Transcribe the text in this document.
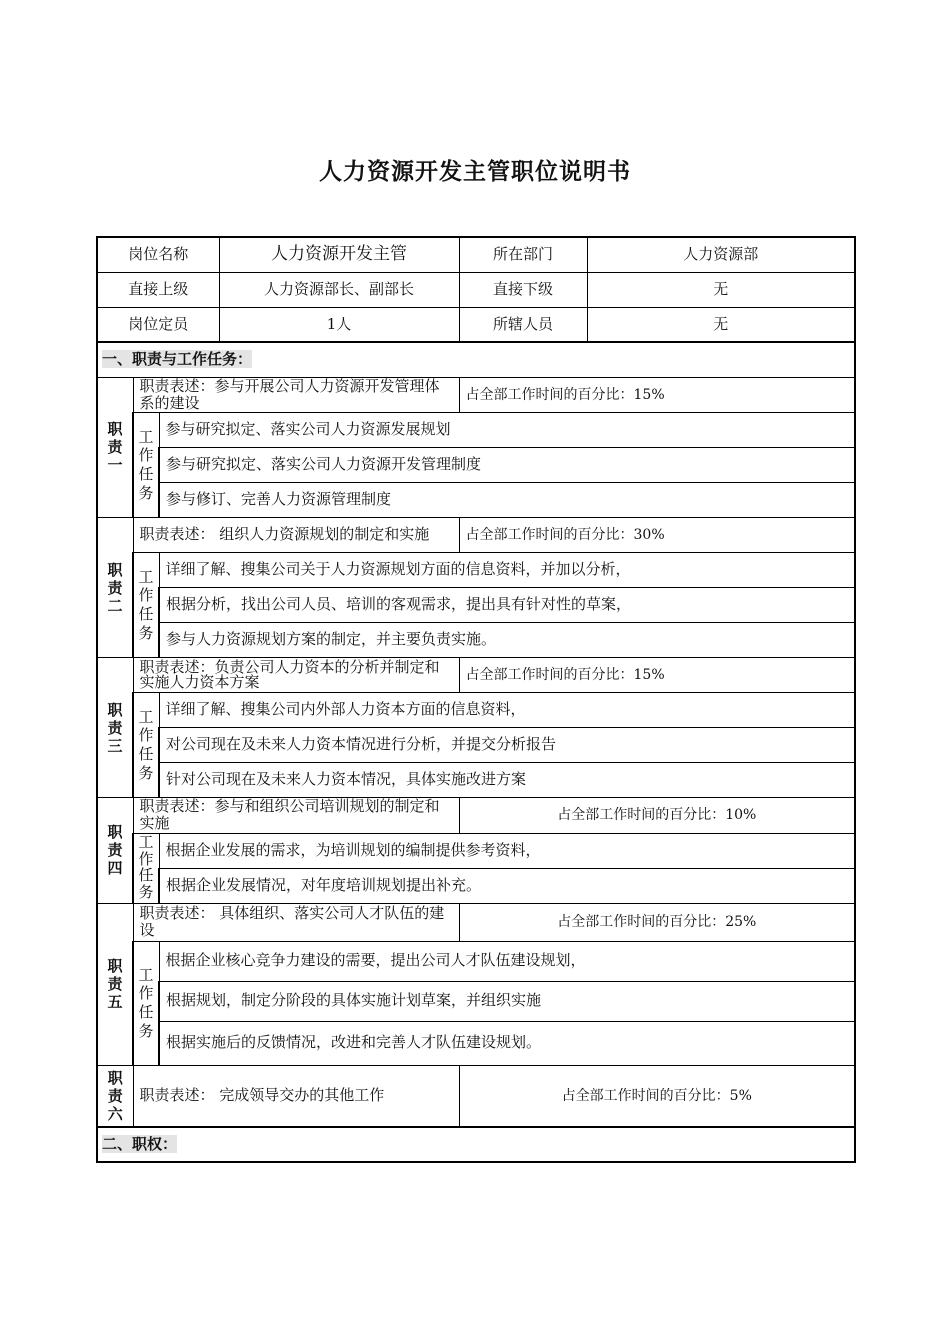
人力资源开发主管职位说明书
岗位名称			人力资源开发主管	所在部门	人力资源部
直接上级			人力资源部长、副部长	直接下级	无
岗位定员			1人	所辖人员	无
一、职责与工作任务：					
职责一	职责表述：参与开展公司人力资源开发管理体系的建设			占全部工作时间的百分比：15%	
	工作任务	参与研究拟定、落实公司人力资源发展规划			
		参与研究拟定、落实公司人力资源开发管理制度			
		参与修订、完善人力资源管理制度			
职责二	职责表述： 组织人力资源规划的制定和实施			占全部工作时间的百分比：30%	
	工作任务	详细了解、搜集公司关于人力资源规划方面的信息资料，并加以分析，			
		根据分析，找出公司人员、培训的客观需求，提出具有针对性的草案，			
		参与人力资源规划方案的制定，并主要负责实施。			
职责三	职责表述：负责公司人力资本的分析并制定和实施人力资本方案			占全部工作时间的百分比：15%	
	工作任务	详细了解、搜集公司内外部人力资本方面的信息资料，			
		对公司现在及未来人力资本情况进行分析，并提交分析报告			
		针对公司现在及未来人力资本情况，具体实施改进方案			
职责四	职责表述：参与和组织公司培训规划的制定和实施			占全部工作时间的百分比：10%	
	工作任务	根据企业发展的需求，为培训规划的编制提供参考资料，			
		根据企业发展情况，对年度培训规划提出补充。			
职责五	职责表述： 具体组织、落实公司人才队伍的建设			占全部工作时间的百分比：25%	
	工作任务	根据企业核心竞争力建设的需要，提出公司人才队伍建设规划，			
		根据规划，制定分阶段的具体实施计划草案，并组织实施			
		根据实施后的反馈情况，改进和完善人才队伍建设规划。			
职责六	职责表述： 完成领导交办的其他工作			占全部工作时间的百分比：5%	
二、职权：					
